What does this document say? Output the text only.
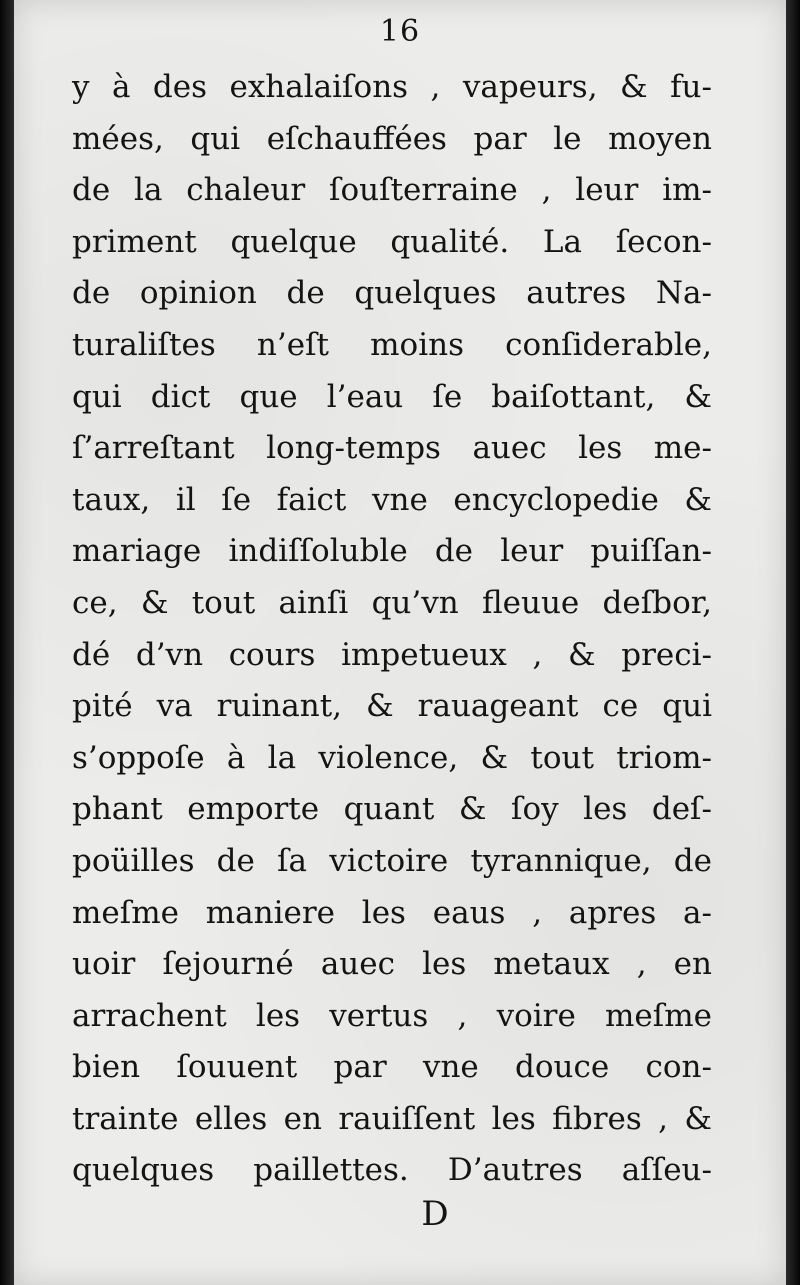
16
y à des exhalaiſons , vapeurs, & fu-
mées, qui eſchauffées par le moyen
de la chaleur ſouſterraine , leur im-
priment quelque qualité. La ſecon-
de opinion de quelques autres Na-
turaliſtes n’eſt moins conſiderable,
qui dict que l’eau ſe baiſottant, &
ſ’arreſtant long-temps auec les me-
taux, il ſe faict vne encyclopedie &
mariage indiſſoluble de leur puiſſan-
ce, & tout ainſi qu’vn fleuue deſbor,
dé d’vn cours impetueux , & preci-
pité va ruinant, & rauageant ce qui
s’oppoſe à la violence, & tout triom-
phant emporte quant & ſoy les deſ-
poüilles de ſa victoire tyrannique, de
meſme maniere les eaus , apres a-
uoir ſejourné auec les metaux , en
arrachent les vertus , voire meſme
bien ſouuent par vne douce con-
trainte elles en rauiſſent les fibres , &
quelques paillettes. D’autres aſſeu-
D
